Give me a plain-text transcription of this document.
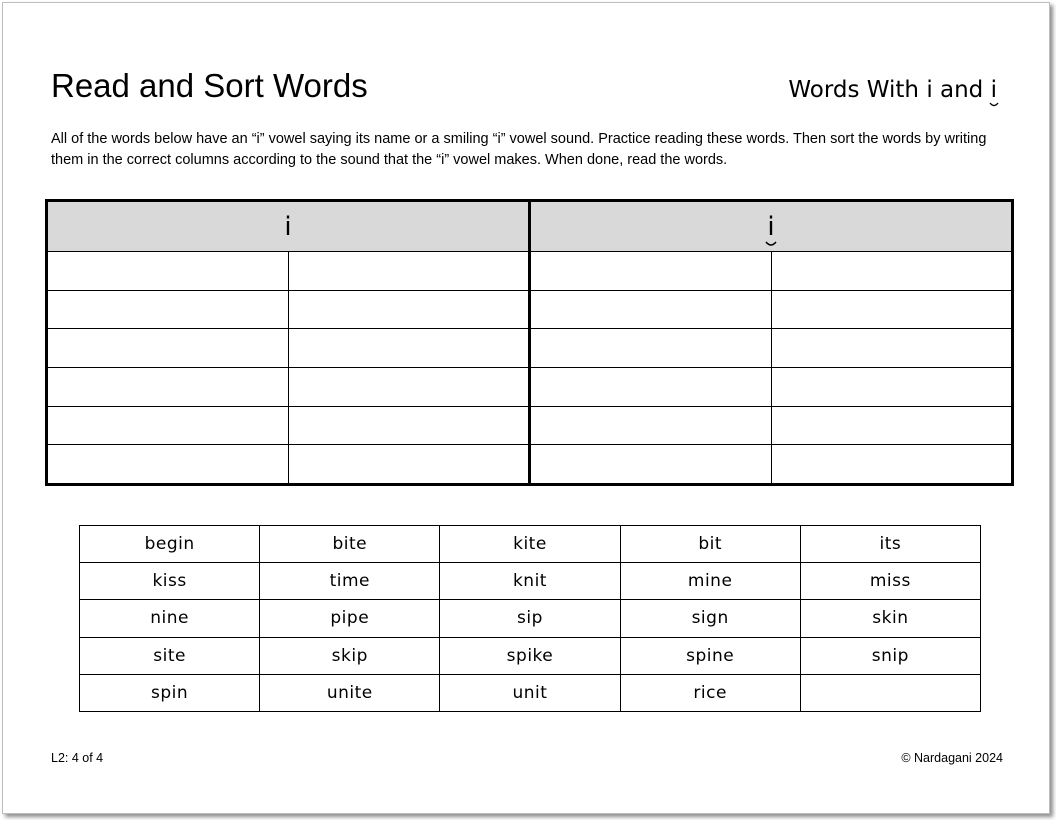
Read and Sort Words	Words With i and i
All of the words below have an “i” vowel saying its name or a smiling “i” vowel sound. Practice reading these words. Then sort the words by writing them in the correct columns according to the sound that the “i” vowel makes. When done, read the words.
i		i	

begin	bite	kite	bit	its
kiss	time	knit	mine	miss
nine	pipe	sip	sign	skin
site	skip	spike	spine	snip
spin	unite	unit	rice	
L2: 4 of 4	© Nardagani 2024
